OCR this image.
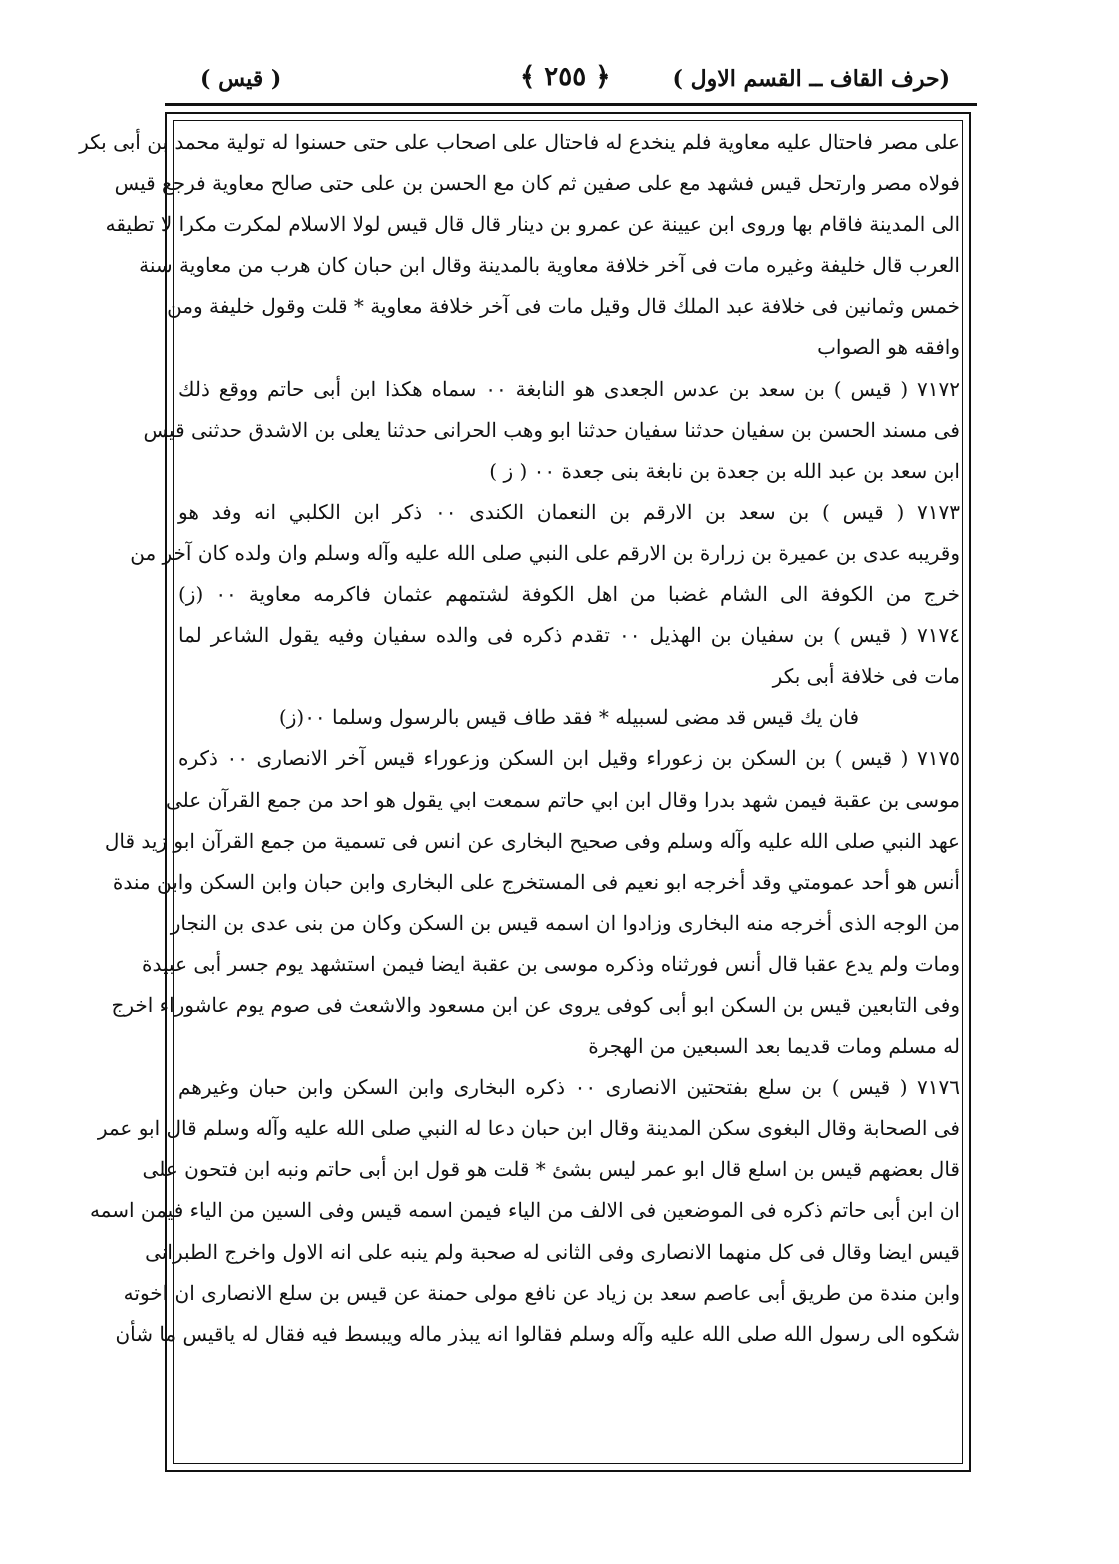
(حرف القاف ــ القسم الاول )
﴿ ٢٥٥ ﴾
( قيس )
على مصر فاحتال عليه معاوية فلم ينخدع له فاحتال على اصحاب على حتى حسنوا له تولية محمد بن أبى بكر
فولاه مصر وارتحل قيس فشهد مع على صفين ثم كان مع الحسن بن على حتى صالح معاوية فرجع قيس
الى المدينة فاقام بها وروى ابن عيينة عن عمرو بن دينار قال قال قيس لولا الاسلام لمكرت مكرا لا تطيقه
العرب قال خليفة وغيره مات فى آخر خلافة معاوية بالمدينة وقال ابن حبان كان هرب من معاوية سنة
خمس وثمانين فى خلافة عبد الملك قال وقيل مات فى آخر خلافة معاوية * قلت وقول خليفة ومن
وافقه هو الصواب
٧١٧٢ ( قيس ) بن سعد بن عدس الجعدى هو النابغة ٠٠ سماه هكذا ابن أبى حاتم ووقع ذلك
فى مسند الحسن بن سفيان حدثنا سفيان حدثنا ابو وهب الحرانى حدثنا يعلى بن الاشدق حدثنى قيس
ابن سعد بن عبد الله بن جعدة بن نابغة بنى جعدة ٠٠ ( ز )
٧١٧٣ ( قيس ) بن سعد بن الارقم بن النعمان الكندى ٠٠ ذكر ابن الكلبي انه وفد هو
وقريبه عدى بن عميرة بن زرارة بن الارقم على النبي صلى الله عليه وآله وسلم وان ولده كان آخر من
خرج من الكوفة الى الشام غضبا من اهل الكوفة لشتمهم عثمان فاكرمه معاوية ٠٠ (ز)
٧١٧٤ ( قيس ) بن سفيان بن الهذيل ٠٠ تقدم ذكره فى والده سفيان وفيه يقول الشاعر لما
مات فى خلافة أبى بكر
فان يك قيس قد مضى لسبيله * فقد طاف قيس بالرسول وسلما ٠٠(ز)
٧١٧٥ ( قيس ) بن السكن بن زعوراء وقيل ابن السكن وزعوراء قيس آخر الانصارى ٠٠ ذكره
موسى بن عقبة فيمن شهد بدرا وقال ابن ابي حاتم سمعت ابي يقول هو احد من جمع القرآن على
عهد النبي صلى الله عليه وآله وسلم وفى صحيح البخارى عن انس فى تسمية من جمع القرآن ابو زيد قال
أنس هو أحد عمومتي وقد أخرجه ابو نعيم فى المستخرج على البخارى وابن حبان وابن السكن وابن مندة
من الوجه الذى أخرجه منه البخارى وزادوا ان اسمه قيس بن السكن وكان من بنى عدى بن النجار
ومات ولم يدع عقبا قال أنس فورثناه وذكره موسى بن عقبة ايضا فيمن استشهد يوم جسر أبى عبيدة
وفى التابعين قيس بن السكن ابو أبى كوفى يروى عن ابن مسعود والاشعث فى صوم يوم عاشوراء اخرج
له مسلم ومات قديما بعد السبعين من الهجرة
٧١٧٦ ( قيس ) بن سلع بفتحتين الانصارى ٠٠ ذكره البخارى وابن السكن وابن حبان وغيرهم
فى الصحابة وقال البغوى سكن المدينة وقال ابن حبان دعا له النبي صلى الله عليه وآله وسلم قال ابو عمر
قال بعضهم قيس بن اسلع قال ابو عمر ليس بشئ * قلت هو قول ابن أبى حاتم ونبه ابن فتحون على
ان ابن أبى حاتم ذكره فى الموضعين فى الالف من الياء فيمن اسمه قيس وفى السين من الياء فيمن اسمه
قيس ايضا وقال فى كل منهما الانصارى وفى الثانى له صحبة ولم ينبه على انه الاول واخرج الطبرانى
وابن مندة من طريق أبى عاصم سعد بن زياد عن نافع مولى حمنة عن قيس بن سلع الانصارى ان اخوته
شكوه الى رسول الله صلى الله عليه وآله وسلم فقالوا انه يبذر ماله ويبسط فيه فقال له ياقيس ما شأن
